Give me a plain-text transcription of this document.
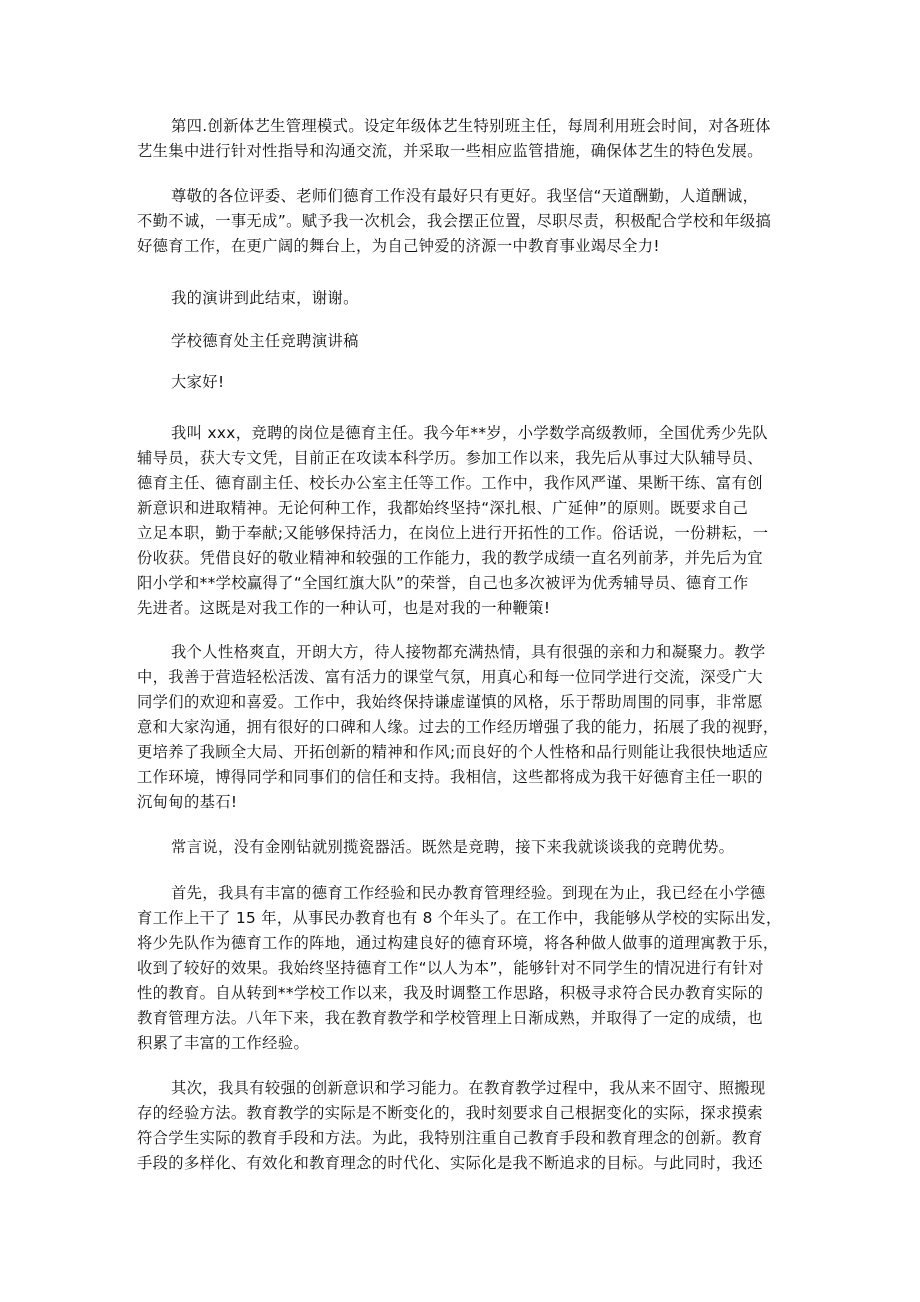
第四.创新体艺生管理模式。设定年级体艺生特别班主任，每周利用班会时间，对各班体

艺生集中进行针对性指导和沟通交流，并采取一些相应监管措施，确保体艺生的特色发展。

尊敬的各位评委、老师们德育工作没有最好只有更好。我坚信“天道酬勤，人道酬诚，

不勤不诚，一事无成”。赋予我一次机会，我会摆正位置，尽职尽责，积极配合学校和年级搞

好德育工作，在更广阔的舞台上，为自己钟爱的济源一中教育事业竭尽全力!

我的演讲到此结束，谢谢。

学校德育处主任竞聘演讲稿

大家好!

我叫 xxx，竞聘的岗位是德育主任。我今年**岁，小学数学高级教师，全国优秀少先队

辅导员，获大专文凭，目前正在攻读本科学历。参加工作以来，我先后从事过大队辅导员、

德育主任、德育副主任、校长办公室主任等工作。工作中，我作风严谨、果断干练、富有创

新意识和进取精神。无论何种工作，我都始终坚持“深扎根、广延伸”的原则。既要求自己

立足本职，勤于奉献;又能够保持活力，在岗位上进行开拓性的工作。俗话说，一份耕耘，一

份收获。凭借良好的敬业精神和较强的工作能力，我的教学成绩一直名列前茅，并先后为宜

阳小学和**学校赢得了“全国红旗大队”的荣誉，自己也多次被评为优秀辅导员、德育工作

先进者。这既是对我工作的一种认可，也是对我的一种鞭策!

我个人性格爽直，开朗大方，待人接物都充满热情，具有很强的亲和力和凝聚力。教学

中，我善于营造轻松活泼、富有活力的课堂气氛，用真心和每一位同学进行交流，深受广大

同学们的欢迎和喜爱。工作中，我始终保持谦虚谨慎的风格，乐于帮助周围的同事，非常愿

意和大家沟通，拥有很好的口碑和人缘。过去的工作经历增强了我的能力，拓展了我的视野，

更培养了我顾全大局、开拓创新的精神和作风;而良好的个人性格和品行则能让我很快地适应

工作环境，博得同学和同事们的信任和支持。我相信，这些都将成为我干好德育主任一职的

沉甸甸的基石!

常言说，没有金刚钻就别揽瓷器活。既然是竞聘，接下来我就谈谈我的竞聘优势。

首先，我具有丰富的德育工作经验和民办教育管理经验。到现在为止，我已经在小学德

育工作上干了 15 年，从事民办教育也有 8 个年头了。在工作中，我能够从学校的实际出发，

将少先队作为德育工作的阵地，通过构建良好的德育环境，将各种做人做事的道理寓教于乐，

收到了较好的效果。我始终坚持德育工作“以人为本”，能够针对不同学生的情况进行有针对

性的教育。自从转到**学校工作以来，我及时调整工作思路，积极寻求符合民办教育实际的

教育管理方法。八年下来，我在教育教学和学校管理上日渐成熟，并取得了一定的成绩，也

积累了丰富的工作经验。

其次，我具有较强的创新意识和学习能力。在教育教学过程中，我从来不固守、照搬现

存的经验方法。教育教学的实际是不断变化的，我时刻要求自己根据变化的实际，探求摸索

符合学生实际的教育手段和方法。为此，我特别注重自己教育手段和教育理念的创新。教育

手段的多样化、有效化和教育理念的时代化、实际化是我不断追求的目标。与此同时，我还
